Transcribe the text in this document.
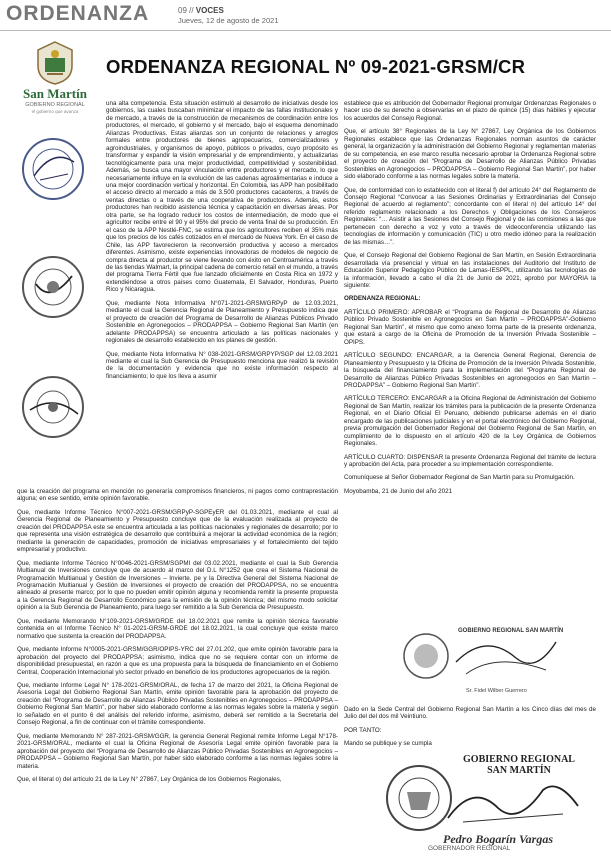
ORDENANZA	09 // VOCES
Jueves, 12 de agosto de 2021
San Martín
GOBIERNO REGIONAL
el gobierno que avanza
ORDENANZA REGIONAL Nº 09-2021-GRSM/CR

una alta competencia. Esta situación estimuló al desarrollo de iniciativas desde los gobiernos, las cuales buscaban minimizar el impacto de las fallas institucionales y de mercado, a través de la construcción de mecanismos de coordinación entre los productores, el mercado, el gobierno y el mercado, bajo el esquema denominado Alianzas Productivas. Estas alianzas son un conjunto de relaciones y arreglos formales entre productores de bienes agropecuarios, comercializadores y agroindustriales, y organismos de apoyo, públicos o privados, cuyo propósito es transformar y expandir la visión empresarial y de emprendimiento, y actualizarlas tecnológicamente para una mejor productividad, competitividad y sostenibilidad. Además, se busca una mayor vinculación entre productores y el mercado, lo que necesariamente influye en la evolución de las cadenas agroalimentarias e induce a una mejor coordinación vertical y horizontal. En Colombia, las APP han posibilitado el acceso directo al mercado a más de 3.500 productores cacaoteros, a través de ventas directas o a través de una cooperativa de productores. Además, estos productores han recibido asistencia técnica y capacitación en diversas áreas. Por otra parte, se ha logrado reducir los costos de intermediación, de modo que el agricultor recibe entre el 90 y el 95% del precio de venta final de su producción. En el caso de la APP Nestlé-FNC, se estima que los agricultores reciben el 35% más que los precios de los cafés cotizados en el mercado de Nueva York. En el caso de Chile, las APP favorecieron la reconversión productiva y acceso a mercados diferentes. Asimismo, existe experiencias innovadoras de modelos de negocio de compra directa al productor se viene llevando con éxito en Centroamérica a través de las tiendas Walmart, la principal cadena de comercio retail en el mundo, a través del programa Tierra Fértil que fue lanzado oficialmente en Costa Rica en 1972 y extendiéndose a otros países como Guatemala, El Salvador, Honduras, Puerto Rico y Nicaragua.

Que, mediante Nota Informativa N°071-2021-GRSM/GRPyP de 12.03.2021, mediante el cual la Gerencia Regional de Planeamiento y Presupuesto indica que el proyecto de creación del Programa de Desarrollo de Alianzas Públicos Privado Sostenible en Agronegocios – PRODAPPSA – Gobierno Regional San Martín (en adelante PRODAPPSA) se encuentra articulado a las políticas nacionales y regionales de desarrollo establecido en los planes de gestión.

Que, mediante Nota Informativa N° 038-2021-GRSM/GRPYP/SGP del 12.03.2021 mediante el cual la Sub Gerencia de Presupuesto menciona que realizó la revisión de la documentación y evidencia que no existe información respecto al financiamiento; lo que los lleva a asumir

que la creación del programa en mención no generaría compromisos financieros, ni pagos como contraprestación alguna; en ese sentido, emite opinión favorable.

Que, mediante Informe Técnico N°007-2021-GRSM/GRPyP-SGPEyER del 01.03.2021, mediante el cual al Gerencia Regional de Planeamiento y Presupuesto concluye que de la evaluación realizada al proyecto de creación del PRODAPPSA este se encuentra articulada a las políticas nacionales y regionales de desarrollo; por lo que representa una visión estratégica de desarrollo que contribuirá a mejorar la actividad económica de la región; mediante la generación de capacidades, promoción de iniciativas empresariales y el fortalecimiento del tejido empresarial y productivo.

Que, mediante Informe Técnico N°0046-2021-GRSM/SGPMI del 03.02.2021, mediante el cual la Sub Gerencia Multianual de Inversiones concluye que de acuerdo al marco del D.L N°1252 que crea el Sistema Nacional de Programación Multianual y Gestión de Inversiones – Invierte. pe y la Directiva General del Sistema Nacional de Programación Multianual y Gestión de Inversiones el proyecto de creación del PRODAPPSA, no se encuentra alineado al presente marco; por lo que no pueden emitir opinión alguna y recomienda remitir la presente propuesta a la Gerencia Regional de Desarrollo Económico para la emisión de la opinión técnica; del mismo modo solicitar opinión a la Sub Gerencia de Planeamiento, para luego ser remitido a la Sub Gerencia de Presupuesto.

Que, mediante Memorando N°109-2021-GRSM/GRDE del 18.02.2021 que remite la opinión técnica favorable contenida en el Informe Técnico N° 01-2021-GRSM-GRDE del 18.02.2021, la cual concluye que existe marco normativo que sustenta la creación del PRODAPPSA.

Que, mediante Informe N°0005-2021-GRSM/GGR/OPIPS-YRC del 27.01.202, que emite opinión favorable para la aprobación del proyecto del PRODAPPSA; asimismo, indica que no se requiere contar con un informe de disponibilidad presupuestal, en razón a que es una propuesta para la búsqueda de financiamiento en el Gobierno Central, Cooperación Internacional y/o sector privado en beneficio de los productores agropecuarios de la región.

Que, mediante Informe Legal N° 178-2021-GRSM/ORAL, de fecha 17 de marzo del 2021, la Oficina Regional de Asesoría Legal del Gobierno Regional San Martín, emite opinión favorable para la aprobación del proyecto de creación del “Programa de Desarrollo de Alianzas Público Privadas Sostenibles en Agronegocios – PRODAPPSA – Gobierno Regional San Martín”, por haber sido elaborado conforme a las normas legales sobre la materia y según lo señalado en el punto 6 del análisis del referido informe, asimismo, deberá ser remitido a la Secretaría del Consejo Regional, a fin de continuar con el trámite correspondiente.

Que, mediante Memorando N° 287-2021-GRSM/GGR, la gerencia General Regional remite Informe Legal N°178-2021-GRSM/ORAL, mediante el cual la Oficina Regional de Asesoría Legal emite opinión favorable para la aprobación del proyecto del “Programa de Desarrollo de Alianzas Público Privadas Sostenibles en Agronegocios – PRODAPPSA – Gobierno Regional San Martín, por haber sido elaborado conforme a las normas legales sobre la materia.

Que, el literal o) del artículo 21 de la Ley N° 27867, Ley Orgánica de los Gobiernos Regionales,

establece que es atribución del Gobernador Regional promulgar Ordenanzas Regionales o hacer uso de su derecho a observarlas en el plazo de quince (15) días hábiles y ejecutar los acuerdos del Consejo Regional.

Que, el artículo 38° Regionales de la Ley N° 27867, Ley Orgánica de los Gobiernos Regionales establece que las Ordenanzas Regionales norman asuntos de carácter general, la organización y la administración del Gobierno Regional y reglamentan materias de su competencia, en ese marco resulta necesario aprobar la Ordenanza Regional sobre el proyecto de creación del “Programa de Desarrollo de Alianzas Público Privadas Sostenibles en Agronegocios – PRODAPPSA – Gobierno Regional San Martín”, por haber sido elaborado conforme a las normas legales sobre la materia.

Que, de conformidad con lo establecido con el literal f) del artículo 24° del Reglamento de Consejo Regional “Convocar a las Sesiones Ordinarias y Extraordinarias del Consejo Regional de acuerdo al reglamento”; concordante con el literal n) del artículo 14° del referido reglamento relacionado a los Derechos y Obligaciones de los Consejeros Regionales: “… Asistir a las Sesiones del Consejo Regional y de las comisiones a las que pertenecen con derecho a voz y voto a través de videoconferencia utilizando las tecnologías de información y comunicación (TIC) u otro medio idóneo para la realización de las mismas…”.

Que, el Consejo Regional del Gobierno Regional de San Martín, en Sesión Extraordinaria desarrollada vía presencial y virtual en las instalaciones del Auditorio del Instituto de Educación Superior Pedagógico Público de Lamas-IESPPL, utilizando las tecnologías de la información, llevado a cabo el día 21 de Junio de 2021, aprobó por MAYORIA la siguiente:

ORDENANZA REGIONAL:

ARTÍCULO PRIMERO: APROBAR el “Programa de Regional de Desarrollo de Alianzas Público Privado Sostenible en Agronegocios en San Martín – PRODAPPSA”-Gobierno Regional San Martín”, el mismo que como anexo forma parte de la presente ordenanza, que estará a cargo de la Oficina de Promoción de la Inversión Privada Sostenible – OPIPS.

ARTÍCULO SEGUNDO: ENCARGAR, a la Gerencia General Regional, Gerencia de Planeamiento y Presupuesto y la Oficina de Promoción de la Inversión Privada Sostenible, la búsqueda del financiamiento para la implementación del “Programa Regional de Desarrollo de Alianzas Público Privadas Sostenibles en agronegocios en San Martín – PRODAPPSA” – Gobierno Regional San Martín”.

ARTÍCULO TERCERO: ENCARGAR a la Oficina Regional de Administración del Gobierno Regional de San Martín, realizar los trámites para la publicación de la presente Ordenanza Regional, en el Diario Oficial El Peruano, debiendo publicarse además en el diario encargado de las publicaciones judiciales y en el portal electrónico del Gobierno Regional, previa promulgación del Gobernador Regional del Gobierno Regional de San Martín, en cumplimiento de lo dispuesto en el artículo 420 de la Ley Orgánica de Gobiernos Regionales.

ARTÍCULO CUARTO: DISPENSAR la presente Ordenanza Regional del trámite de lectura y aprobación del Acta, para proceder a su implementación correspondiente.

Comuníquese al Señor Gobernador Regional de San Martín para su Promulgación.

Moyobamba, 21 de Junio del año 2021

GOBIERNO REGIONAL SAN MARTÍN
Sr. Fidel Wilber Guerrero

Dado en la Sede Central del Gobierno Regional San Martín a los Cinco días del mes de Julio del del dos mil Veintiuno.

POR TANTO:

Mando se publique y se cumpla

GOBIERNO REGIONAL SAN MARTÍN
Pedro Bogarín Vargas
GOBERNADOR REGIONAL
